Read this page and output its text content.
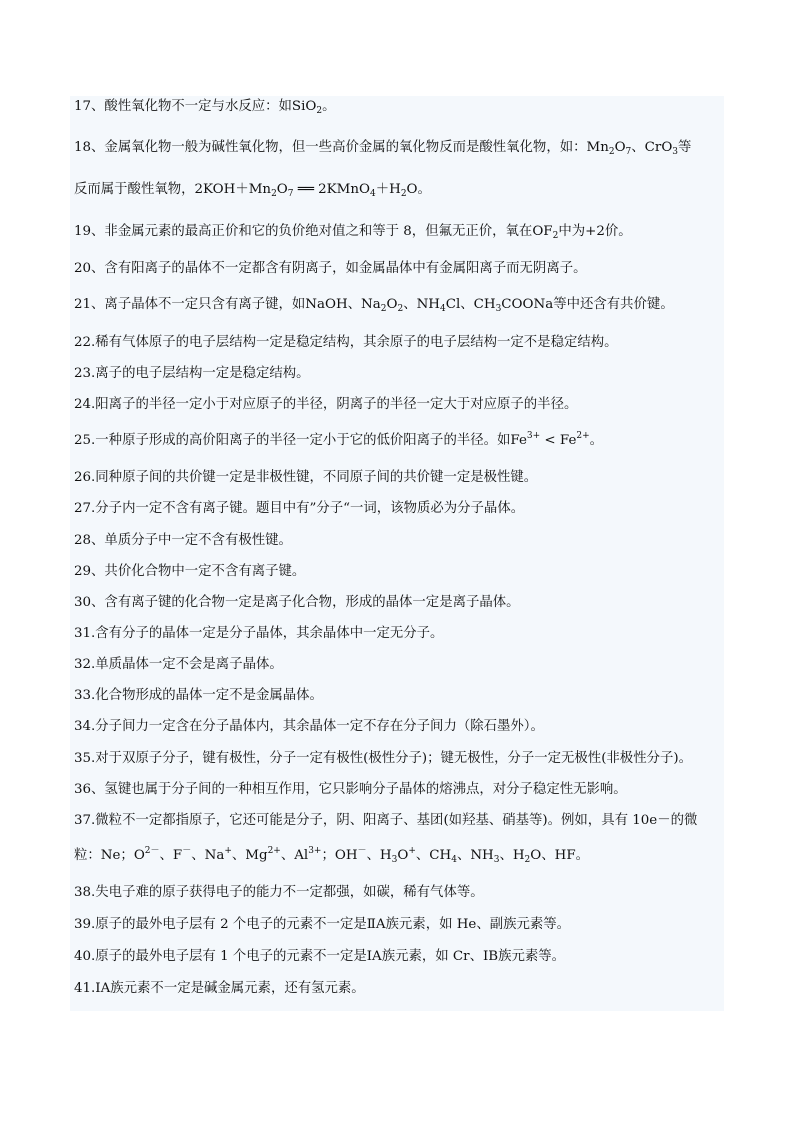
17、酸性氧化物不一定与水反应：如SiO$_2$。
18、金属氧化物一般为碱性氧化物，但一些高价金属的氧化物反而是酸性氧化物，如：$Mn_2O_7$、CrO$_3$等
反而属于酸性氧物，$2KOH+Mn_2O_7$ ══ $2KMnO_4+H_2O$。
19、非金属元素的最高正价和它的负价绝对值之和等于 8，但氟无正价，氧在$OF_2$中为+2价。
20、含有阳离子的晶体不一定都含有阴离子，如金属晶体中有金属阳离子而无阴离子。
21、离子晶体不一定只含有离子键，如NaOH、$Na_2O_2$、$NH_4Cl$、$CH_3COONa$等中还含有共价键。
22.稀有气体原子的电子层结构一定是稳定结构，其余原子的电子层结构一定不是稳定结构。
23.离子的电子层结构一定是稳定结构。
24.阳离子的半径一定小于对应原子的半径，阴离子的半径一定大于对应原子的半径。
25.一种原子形成的高价阳离子的半径一定小于它的低价阳离子的半径。如$Fe^{3+} < Fe^{2+}$。
26.同种原子间的共价键一定是非极性键，不同原子间的共价键一定是极性键。
27.分子内一定不含有离子键。题目中有”分子“一词，该物质必为分子晶体。
28、单质分子中一定不含有极性键。
29、共价化合物中一定不含有离子键。
30、含有离子键的化合物一定是离子化合物，形成的晶体一定是离子晶体。
31.含有分子的晶体一定是分子晶体，其余晶体中一定无分子。
32.单质晶体一定不会是离子晶体。
33.化合物形成的晶体一定不是金属晶体。
34.分子间力一定含在分子晶体内，其余晶体一定不存在分子间力（除石墨外）。
35.对于双原子分子，键有极性，分子一定有极性(极性分子)；键无极性，分子一定无极性(非极性分子)。
36、氢键也属于分子间的一种相互作用，它只影响分子晶体的熔沸点，对分子稳定性无影响。
37.微粒不一定都指原子，它还可能是分子，阴、阳离子、基团(如羟基、硝基等)。例如，具有 10e－的微
粒：Ne；$O^{2-}$、F－、Na+、$Mg^{2+}$、$Al^{3+}$；OH－、$H_3O^+$、$CH_4$、$NH_3$、$H_2O$、HF。
38.失电子难的原子获得电子的能力不一定都强，如碳，稀有气体等。
39.原子的最外电子层有 2 个电子的元素不一定是ⅡA族元素，如 He、副族元素等。
40.原子的最外电子层有 1 个电子的元素不一定是ⅠA族元素，如 Cr、ⅠB族元素等。
41.ⅠA族元素不一定是碱金属元素，还有氢元素。
